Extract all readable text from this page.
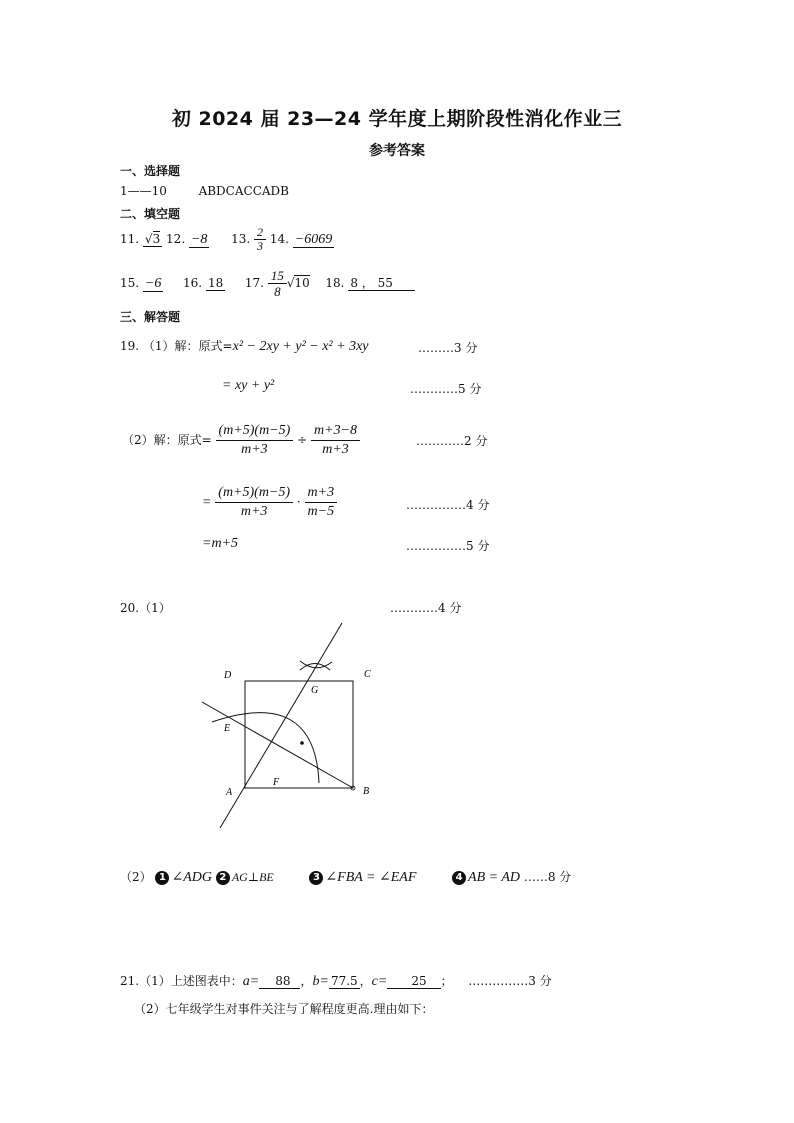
初 2024 届 23—24 学年度上期阶段性消化作业三
参考答案
一、选择题
1——10	ABDCACCADB
二、填空题
11. √3 12. −8 13. $\frac{2}{3} 14$. −6069
15. −6 16. 18 17. $\frac{15}{8} √10$ 18. 8 ， 55
三、解答题
19. （1）解：原式=x² − 2xy + y² − x² + 3xy	………3 分
= xy + y²	…………5 分
（2）解：原式= $\frac{(m+5)(m-5)}{m+3} \div \frac{m+3-8}{m+3}$	…………2 分
= $\frac{(m+5)(m-5)}{m+3} \cdot \frac{m+3}{m-5}$	……………4 分
=m+5	……………5 分
20.（1）	…………4 分
D	C
G
E
F
A	B
（2） 1 ∠ADG 2 AG⊥BE	3 ∠FBA = ∠EAF	4 AB = AD ……8 分
21.（1）上述图表中：a= 88 ，b= 77.5 ，c= 25 ； ……………3 分
（2）七年级学生对事件关注与了解程度更高.理由如下：
